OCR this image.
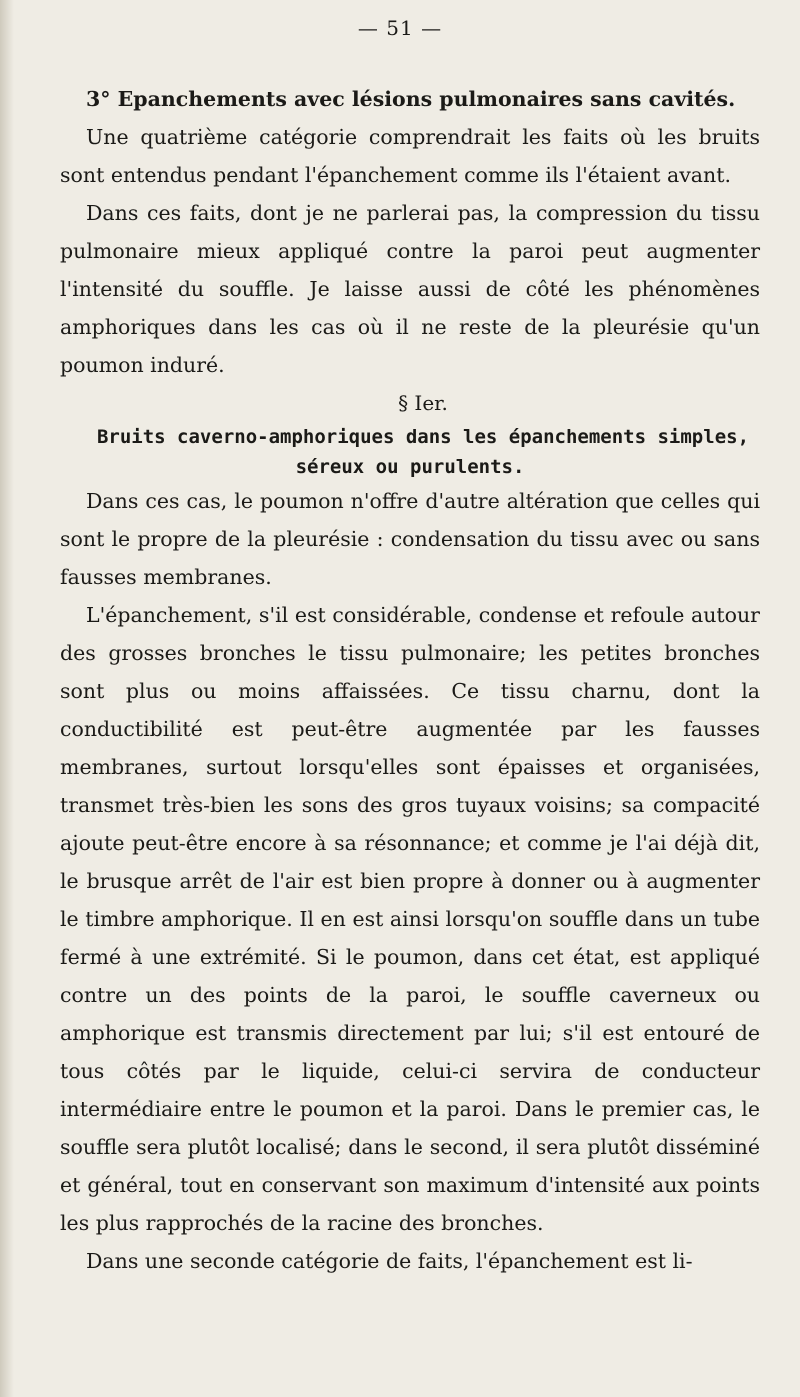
— 51 —

3° Epanchements avec lésions pulmonaires sans cavités.

Une quatrième catégorie comprendrait les faits où les bruits sont entendus pendant l'épanchement comme ils l'étaient avant.

Dans ces faits, dont je ne parlerai pas, la compression du tissu pulmonaire mieux appliqué contre la paroi peut augmenter l'intensité du souffle. Je laisse aussi de côté les phénomènes amphoriques dans les cas où il ne reste de la pleurésie qu'un poumon induré.

§ Ier.

Bruits caverno-amphoriques dans les épanchements simples, séreux ou purulents.

Dans ces cas, le poumon n'offre d'autre altération que celles qui sont le propre de la pleurésie : condensation du tissu avec ou sans fausses membranes.

L'épanchement, s'il est considérable, condense et refoule autour des grosses bronches le tissu pulmonaire; les petites bronches sont plus ou moins affaissées. Ce tissu charnu, dont la conductibilité est peut-être augmentée par les fausses membranes, surtout lorsqu'elles sont épaisses et organisées, transmet très-bien les sons des gros tuyaux voisins; sa compacité ajoute peut-être encore à sa résonnance; et comme je l'ai déjà dit, le brusque arrêt de l'air est bien propre à donner ou à augmenter le timbre amphorique. Il en est ainsi lorsqu'on souffle dans un tube fermé à une extrémité. Si le poumon, dans cet état, est appliqué contre un des points de la paroi, le souffle caverneux ou amphorique est transmis directement par lui; s'il est entouré de tous côtés par le liquide, celui-ci servira de conducteur intermédiaire entre le poumon et la paroi. Dans le premier cas, le souffle sera plutôt localisé; dans le second, il sera plutôt disséminé et général, tout en conservant son maximum d'intensité aux points les plus rapprochés de la racine des bronches.

Dans une seconde catégorie de faits, l'épanchement est li-
